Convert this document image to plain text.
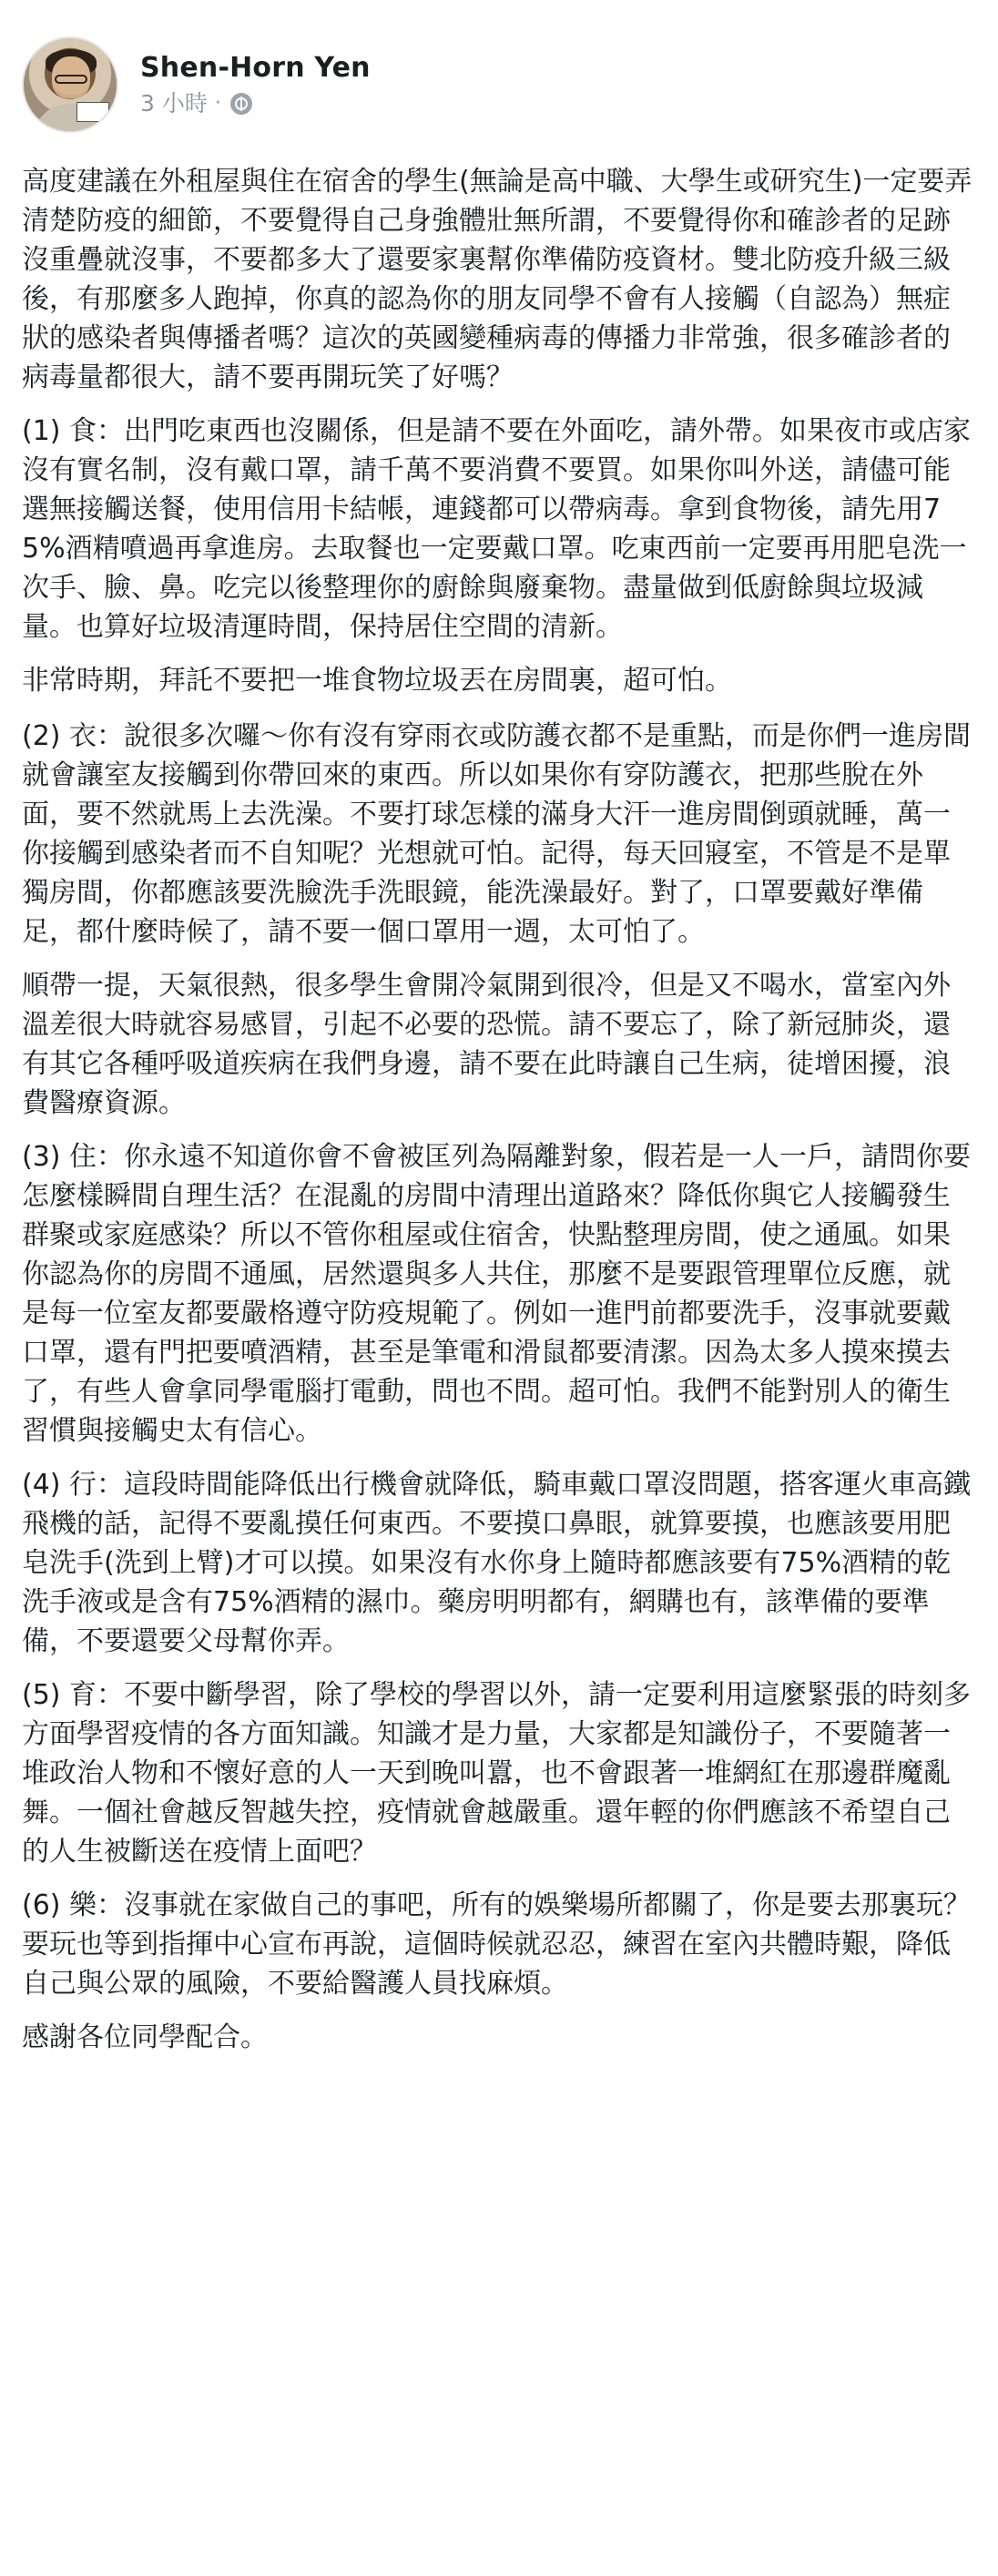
Shen-Horn Yen
3 小時 ·

高度建議在外租屋與住在宿舍的學生(無論是高中職、大學生或研究生)一定要弄清楚防疫的細節，不要覺得自己身強體壯無所謂，不要覺得你和確診者的足跡沒重疊就沒事，不要都多大了還要家裏幫你準備防疫資材。雙北防疫升級三級後，有那麼多人跑掉，你真的認為你的朋友同學不會有人接觸（自認為）無症狀的感染者與傳播者嗎？這次的英國變種病毒的傳播力非常強，很多確診者的病毒量都很大，請不要再開玩笑了好嗎？

(1) 食：出門吃東西也沒關係，但是請不要在外面吃，請外帶。如果夜市或店家沒有實名制，沒有戴口罩，請千萬不要消費不要買。如果你叫外送，請儘可能選無接觸送餐，使用信用卡結帳，連錢都可以帶病毒。拿到食物後，請先用75%酒精噴過再拿進房。去取餐也一定要戴口罩。吃東西前一定要再用肥皂洗一次手、臉、鼻。吃完以後整理你的廚餘與廢棄物。盡量做到低廚餘與垃圾減量。也算好垃圾清運時間，保持居住空間的清新。

非常時期，拜託不要把一堆食物垃圾丟在房間裏，超可怕。

(2) 衣：說很多次囉～你有沒有穿雨衣或防護衣都不是重點，而是你們一進房間就會讓室友接觸到你帶回來的東西。所以如果你有穿防護衣，把那些脫在外面，要不然就馬上去洗澡。不要打球怎樣的滿身大汗一進房間倒頭就睡，萬一你接觸到感染者而不自知呢？光想就可怕。記得，每天回寢室，不管是不是單獨房間，你都應該要洗臉洗手洗眼鏡，能洗澡最好。對了，口罩要戴好準備足，都什麼時候了，請不要一個口罩用一週，太可怕了。

順帶一提，天氣很熱，很多學生會開冷氣開到很冷，但是又不喝水，當室內外溫差很大時就容易感冒，引起不必要的恐慌。請不要忘了，除了新冠肺炎，還有其它各種呼吸道疾病在我們身邊，請不要在此時讓自己生病，徒增困擾，浪費醫療資源。

(3) 住：你永遠不知道你會不會被匡列為隔離對象，假若是一人一戶，請問你要怎麼樣瞬間自理生活？在混亂的房間中清理出道路來？降低你與它人接觸發生群聚或家庭感染？所以不管你租屋或住宿舍，快點整理房間，使之通風。如果你認為你的房間不通風，居然還與多人共住，那麼不是要跟管理單位反應，就是每一位室友都要嚴格遵守防疫規範了。例如一進門前都要洗手，沒事就要戴口罩，還有門把要噴酒精，甚至是筆電和滑鼠都要清潔。因為太多人摸來摸去了，有些人會拿同學電腦打電動，問也不問。超可怕。我們不能對別人的衛生習慣與接觸史太有信心。

(4) 行：這段時間能降低出行機會就降低，騎車戴口罩沒問題，搭客運火車高鐵飛機的話，記得不要亂摸任何東西。不要摸口鼻眼，就算要摸，也應該要用肥皂洗手(洗到上臂)才可以摸。如果沒有水你身上隨時都應該要有75%酒精的乾洗手液或是含有75%酒精的濕巾。藥房明明都有，網購也有，該準備的要準備，不要還要父母幫你弄。

(5) 育：不要中斷學習，除了學校的學習以外，請一定要利用這麼緊張的時刻多方面學習疫情的各方面知識。知識才是力量，大家都是知識份子，不要隨著一堆政治人物和不懷好意的人一天到晚叫囂，也不會跟著一堆網紅在那邊群魔亂舞。一個社會越反智越失控，疫情就會越嚴重。還年輕的你們應該不希望自己的人生被斷送在疫情上面吧？

(6) 樂：沒事就在家做自己的事吧，所有的娛樂場所都關了，你是要去那裏玩？要玩也等到指揮中心宣布再說，這個時候就忍忍，練習在室內共體時艱，降低自己與公眾的風險，不要給醫護人員找麻煩。

感謝各位同學配合。
